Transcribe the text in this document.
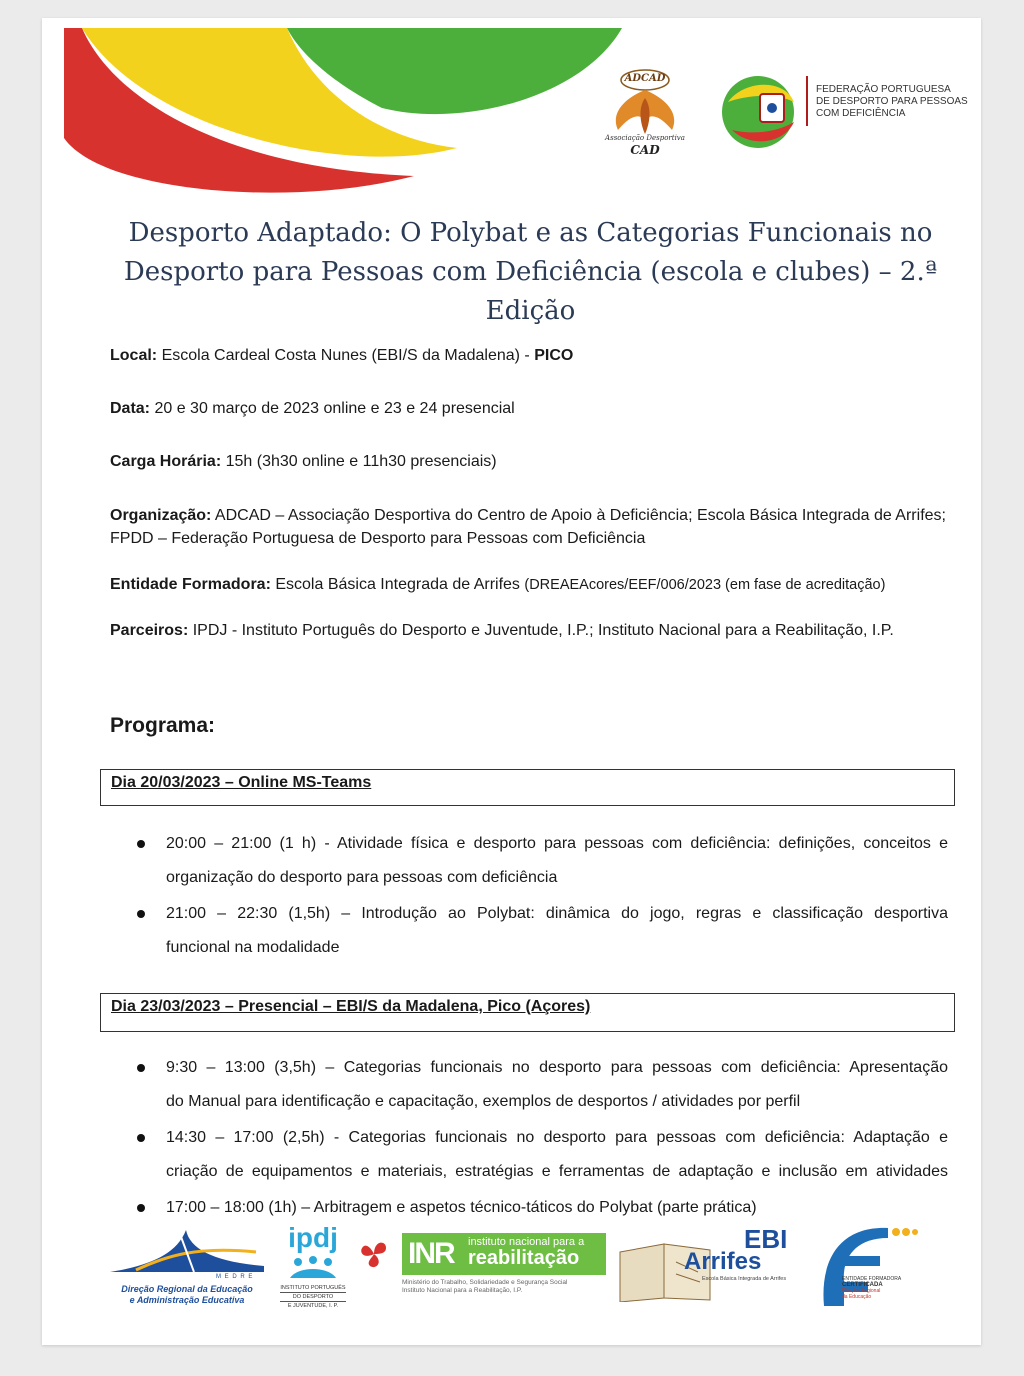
ADCAD
Associação Desportiva
CAD
FEDERAÇÃO PORTUGUESA
DE DESPORTO PARA PESSOAS
COM DEFICIÊNCIA
Desporto Adaptado: O Polybat e as Categorias Funcionais no
Desporto para Pessoas com Deficiência (escola e clubes) – 2.ª
Edição
Local: Escola Cardeal Costa Nunes (EBI/S da Madalena) - PICO
Data: 20 e 30 março de 2023 online e 23 e 24 presencial
Carga Horária: 15h (3h30 online e 11h30 presenciais)
Organização: ADCAD – Associação Desportiva do Centro de Apoio à Deficiência; Escola Básica Integrada de Arrifes; FPDD – Federação Portuguesa de Desporto para Pessoas com Deficiência
Entidade Formadora: Escola Básica Integrada de Arrifes (DREAEAcores/EEF/006/2023 (em fase de acreditação)
Parceiros: IPDJ - Instituto Português do Desporto e Juventude, I.P.; Instituto Nacional para a Reabilitação, I.P.
Programa:
Dia 20/03/2023 – Online MS-Teams
20:00 – 21:00 (1 h) - Atividade física e desporto para pessoas com deficiência: definições, conceitos e
organização do desporto para pessoas com deficiência
21:00 – 22:30 (1,5h) – Introdução ao Polybat: dinâmica do jogo, regras e classificação desportiva
funcional na modalidade
Dia 23/03/2023 – Presencial – EBI/S da Madalena, Pico (Açores)
9:30 – 13:00 (3,5h) – Categorias funcionais no desporto para pessoas com deficiência: Apresentação
do Manual para identificação e capacitação, exemplos de desportos / atividades por perfil
14:30 – 17:00 (2,5h) - Categorias funcionais no desporto para pessoas com deficiência: Adaptação e
criação de equipamentos e materiais, estratégias e ferramentas de adaptação e inclusão em atividades
17:00 – 18:00 (1h) – Arbitragem e aspetos técnico-táticos do Polybat (parte prática)
M E D R E
Direção Regional da Educação
e Administração Educativa
ipdj
INSTITUTO PORTUGUÊS
DO DESPORTO
E JUVENTUDE, I. P.
INR instituto nacional para a
reabilitação
Ministério do Trabalho, Solidariedade e Segurança Social
Instituto Nacional para a Reabilitação, I.P.
EBI
Arrifes
Escola Básica Integrada de Arrifes	ENTIDADE FORMADORA
CERTIFICADA
Direção Regional
da Educação
